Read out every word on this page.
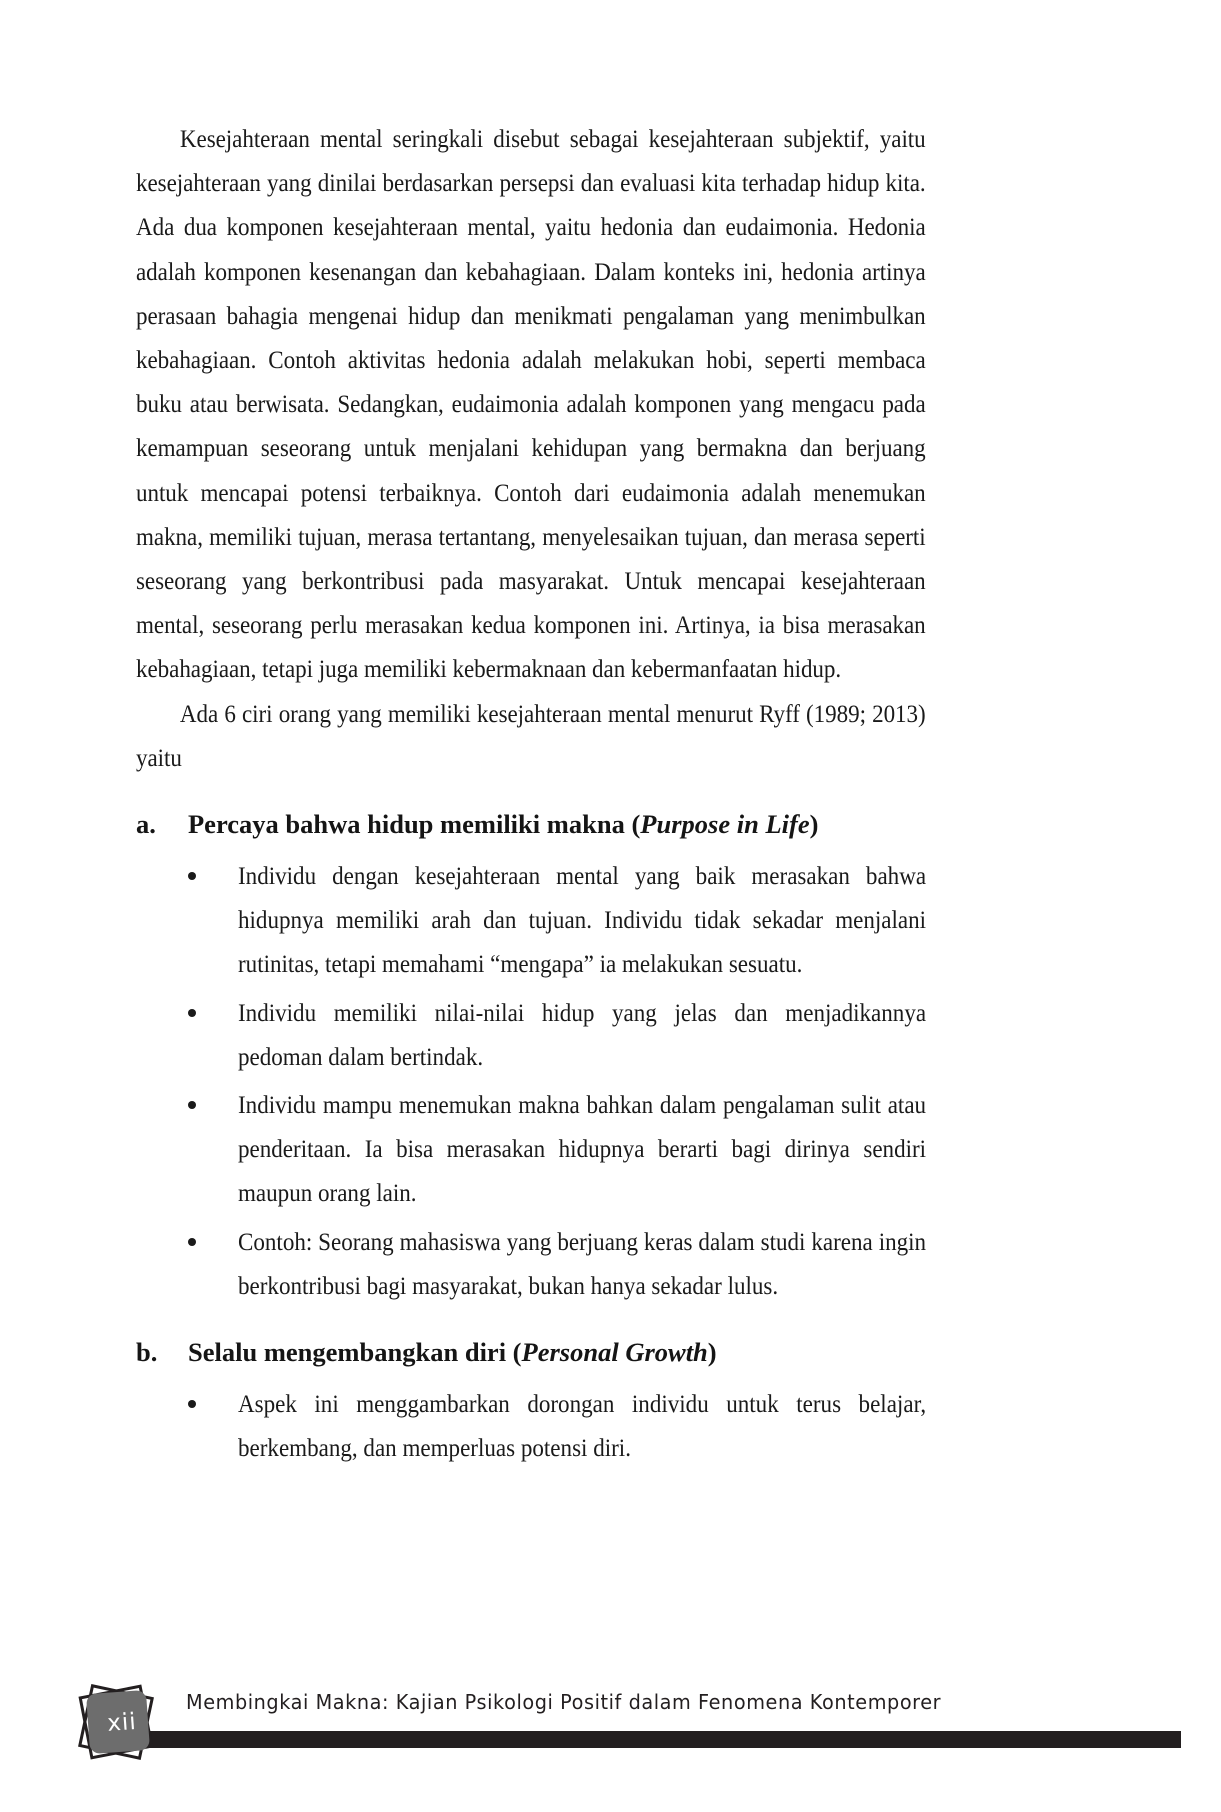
Kesejahteraan mental seringkali disebut sebagai kesejahteraan subjektif, yaitu kesejahteraan yang dinilai berdasarkan persepsi dan evaluasi kita terhadap hidup kita. Ada dua komponen kesejahteraan mental, yaitu hedonia dan eudaimonia. Hedonia adalah komponen kesenangan dan kebahagiaan. Dalam konteks ini, hedonia artinya perasaan bahagia mengenai hidup dan menikmati pengalaman yang menimbulkan kebahagiaan. Contoh aktivitas hedonia adalah melakukan hobi, seperti membaca buku atau berwisata. Sedangkan, eudaimonia adalah komponen yang mengacu pada kemampuan seseorang untuk menjalani kehidupan yang bermakna dan berjuang untuk mencapai potensi terbaiknya. Contoh dari eudaimonia adalah menemukan makna, memiliki tujuan, merasa tertantang, menyelesaikan tujuan, dan merasa seperti seseorang yang berkontribusi pada masyarakat. Untuk mencapai kesejahteraan mental, seseorang perlu merasakan kedua komponen ini. Artinya, ia bisa merasakan kebahagiaan, tetapi juga memiliki kebermaknaan dan kebermanfaatan hidup.

Ada 6 ciri orang yang memiliki kesejahteraan mental menurut Ryff (1989; 2013) yaitu

a.	Percaya bahwa hidup memiliki makna (Purpose in Life)

Individu dengan kesejahteraan mental yang baik merasakan bahwa hidupnya memiliki arah dan tujuan. Individu tidak sekadar menjalani rutinitas, tetapi memahami “mengapa” ia melakukan sesuatu.

Individu memiliki nilai-nilai hidup yang jelas dan menjadikannya pedoman dalam bertindak.

Individu mampu menemukan makna bahkan dalam pengalaman sulit atau penderitaan. Ia bisa merasakan hidupnya berarti bagi dirinya sendiri maupun orang lain.

Contoh: Seorang mahasiswa yang berjuang keras dalam studi karena ingin berkontribusi bagi masyarakat, bukan hanya sekadar lulus.

b.	Selalu mengembangkan diri (Personal Growth)

Aspek ini menggambarkan dorongan individu untuk terus belajar, berkembang, dan memperluas potensi diri.

xii
Membingkai Makna: Kajian Psikologi Positif dalam Fenomena Kontemporer
